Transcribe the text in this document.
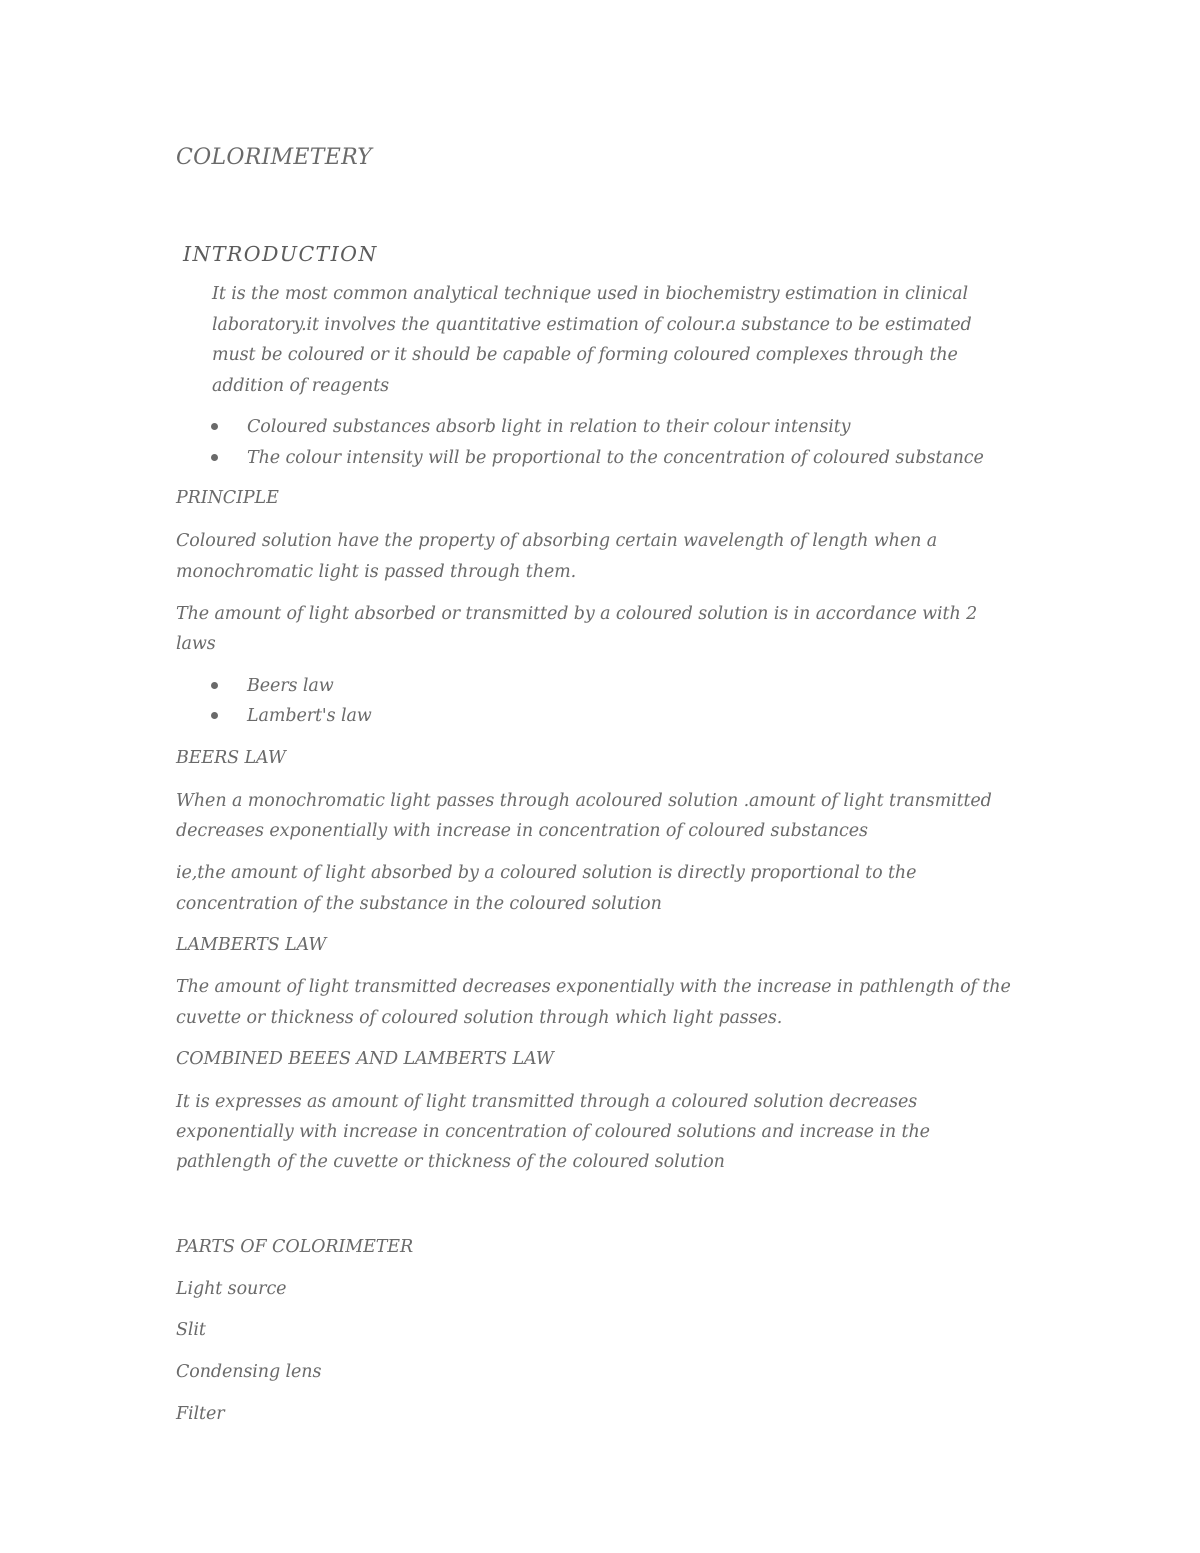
COLORIMETERY

INTRODUCTION

It is the most common analytical technique used in biochemistry estimation in clinical

laboratory.it involves the quantitative estimation of colour.a substance to be estimated

must be coloured or it should be capable of forming coloured complexes through the

addition of reagents

Coloured substances absorb light in relation to their colour intensity

The colour intensity will be proportional to the concentration of coloured substance

PRINCIPLE

Coloured solution have the property of absorbing certain wavelength of length when a

monochromatic light is passed through them.

The amount of light absorbed or transmitted by a coloured solution is in accordance with 2

laws

Beers law

Lambert's law

BEERS LAW

When a monochromatic light passes through acoloured solution .amount of light transmitted

decreases exponentially with increase in concentration of coloured substances

ie,the amount of light absorbed by a coloured solution is directly proportional to the

concentration of the substance in the coloured solution

LAMBERTS LAW

The amount of light transmitted decreases exponentially with the increase in pathlength of the

cuvette or thickness of coloured solution through which light passes.

COMBINED BEEES AND LAMBERTS LAW

It is expresses as amount of light transmitted through a coloured solution decreases

exponentially with increase in concentration of coloured solutions and increase in the

pathlength of the cuvette or thickness of the coloured solution

PARTS OF COLORIMETER

Light source

Slit

Condensing lens

Filter
